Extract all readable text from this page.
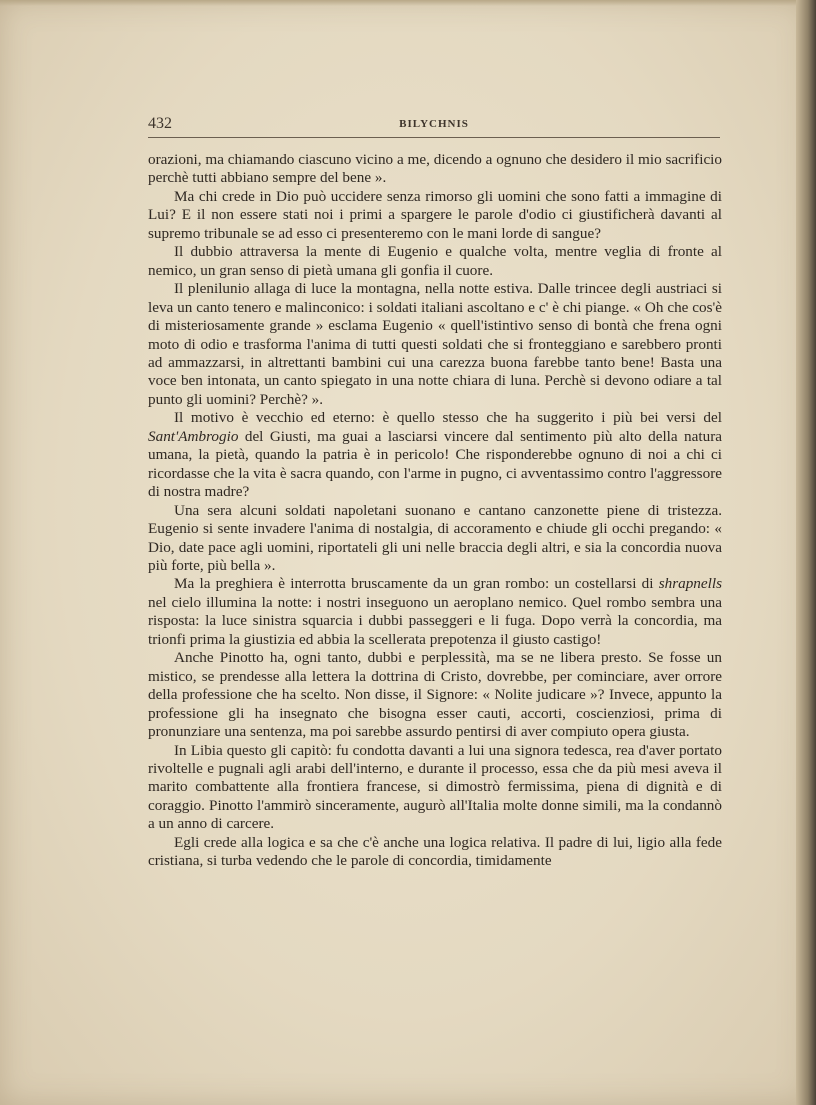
432	BILYCHNIS

orazioni, ma chiamando ciascuno vicino a me, dicendo a ognuno che desidero il mio sacrificio perchè tutti abbiano sempre del bene ».

Ma chi crede in Dio può uccidere senza rimorso gli uomini che sono fatti a immagine di Lui? E il non essere stati noi i primi a spargere le parole d'odio ci giustificherà davanti al supremo tribunale se ad esso ci presenteremo con le mani lorde di sangue?

Il dubbio attraversa la mente di Eugenio e qualche volta, mentre veglia di fronte al nemico, un gran senso di pietà umana gli gonfia il cuore.

Il plenilunio allaga di luce la montagna, nella notte estiva. Dalle trincee degli austriaci si leva un canto tenero e malinconico: i soldati italiani ascoltano e c' è chi piange. « Oh che cos'è di misteriosamente grande » esclama Eugenio « quell'istintivo senso di bontà che frena ogni moto di odio e trasforma l'anima di tutti questi soldati che si fronteggiano e sarebbero pronti ad ammazzarsi, in altrettanti bambini cui una carezza buona farebbe tanto bene! Basta una voce ben intonata, un canto spiegato in una notte chiara di luna. Perchè si devono odiare a tal punto gli uomini? Perchè? ».

Il motivo è vecchio ed eterno: è quello stesso che ha suggerito i più bei versi del Sant'Ambrogio del Giusti, ma guai a lasciarsi vincere dal sentimento più alto della natura umana, la pietà, quando la patria è in pericolo! Che risponderebbe ognuno di noi a chi ci ricordasse che la vita è sacra quando, con l'arme in pugno, ci avventassimo contro l'aggressore di nostra madre?

Una sera alcuni soldati napoletani suonano e cantano canzonette piene di tristezza. Eugenio si sente invadere l'anima di nostalgia, di accoramento e chiude gli occhi pregando: « Dio, date pace agli uomini, riportateli gli uni nelle braccia degli altri, e sia la concordia nuova più forte, più bella ».

Ma la preghiera è interrotta bruscamente da un gran rombo: un costellarsi di shrapnells nel cielo illumina la notte: i nostri inseguono un aeroplano nemico. Quel rombo sembra una risposta: la luce sinistra squarcia i dubbi passeggeri e li fuga. Dopo verrà la concordia, ma trionfi prima la giustizia ed abbia la scellerata prepotenza il giusto castigo!

Anche Pinotto ha, ogni tanto, dubbi e perplessità, ma se ne libera presto. Se fosse un mistico, se prendesse alla lettera la dottrina di Cristo, dovrebbe, per cominciare, aver orrore della professione che ha scelto. Non disse, il Signore: « Nolite judicare »? Invece, appunto la professione gli ha insegnato che bisogna esser cauti, accorti, coscienziosi, prima di pronunziare una sentenza, ma poi sarebbe assurdo pentirsi di aver compiuto opera giusta.

In Libia questo gli capitò: fu condotta davanti a lui una signora tedesca, rea d'aver portato rivoltelle e pugnali agli arabi dell'interno, e durante il processo, essa che da più mesi aveva il marito combattente alla frontiera francese, si dimostrò fermissima, piena di dignità e di coraggio. Pinotto l'ammirò sinceramente, augurò all'Italia molte donne simili, ma la condannò a un anno di carcere.

Egli crede alla logica e sa che c'è anche una logica relativa. Il padre di lui, ligio alla fede cristiana, si turba vedendo che le parole di concordia, timidamente
